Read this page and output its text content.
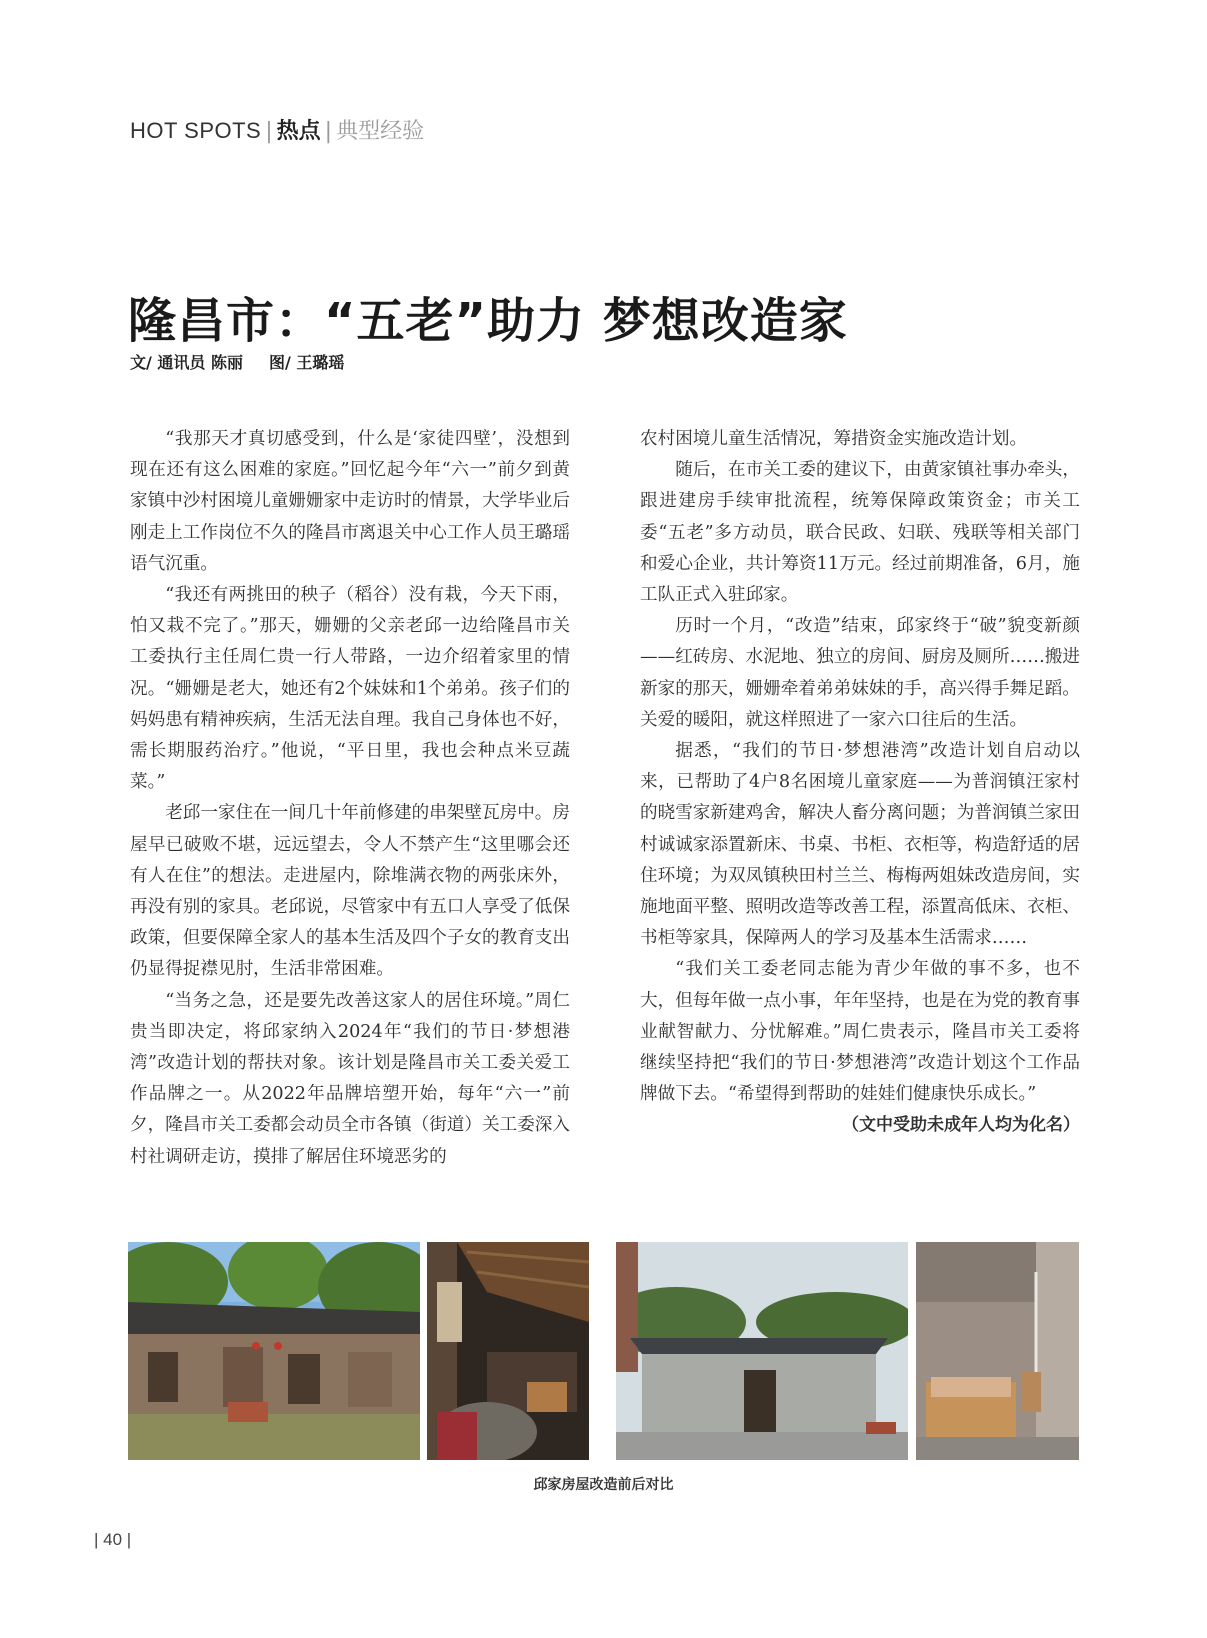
HOT SPOTS | 热点 | 典型经验
隆昌市：“五老”助力 梦想改造家
文/ 通讯员 陈丽 图/ 王璐瑶

“我那天才真切感受到，什么是‘家徒四壁’，没想到现在还有这么困难的家庭。”回忆起今年“六一”前夕到黄家镇中沙村困境儿童姗姗家中走访时的情景，大学毕业后刚走上工作岗位不久的隆昌市离退关中心工作人员王璐瑶语气沉重。

“我还有两挑田的秧子（稻谷）没有栽，今天下雨，怕又栽不完了。”那天，姗姗的父亲老邱一边给隆昌市关工委执行主任周仁贵一行人带路，一边介绍着家里的情况。“姗姗是老大，她还有2个妹妹和1个弟弟。孩子们的妈妈患有精神疾病，生活无法自理。我自己身体也不好，需长期服药治疗。”他说，“平日里，我也会种点米豆蔬菜。”

老邱一家住在一间几十年前修建的串架壁瓦房中。房屋早已破败不堪，远远望去，令人不禁产生“这里哪会还有人在住”的想法。走进屋内，除堆满衣物的两张床外，再没有别的家具。老邱说，尽管家中有五口人享受了低保政策，但要保障全家人的基本生活及四个子女的教育支出仍显得捉襟见肘，生活非常困难。

“当务之急，还是要先改善这家人的居住环境。”周仁贵当即决定，将邱家纳入2024年“我们的节日·梦想港湾”改造计划的帮扶对象。该计划是隆昌市关工委关爱工作品牌之一。从2022年品牌培塑开始，每年“六一”前夕，隆昌市关工委都会动员全市各镇（街道）关工委深入村社调研走访，摸排了解居住环境恶劣的

农村困境儿童生活情况，筹措资金实施改造计划。

随后，在市关工委的建议下，由黄家镇社事办牵头，跟进建房手续审批流程，统筹保障政策资金；市关工委“五老”多方动员，联合民政、妇联、残联等相关部门和爱心企业，共计筹资11万元。经过前期准备，6月，施工队正式入驻邱家。

历时一个月，“改造”结束，邱家终于“破”貌变新颜——红砖房、水泥地、独立的房间、厨房及厕所……搬进新家的那天，姗姗牵着弟弟妹妹的手，高兴得手舞足蹈。关爱的暖阳，就这样照进了一家六口往后的生活。

据悉，“我们的节日·梦想港湾”改造计划自启动以来，已帮助了4户8名困境儿童家庭——为普润镇汪家村的晓雪家新建鸡舍，解决人畜分离问题；为普润镇兰家田村诚诚家添置新床、书桌、书柜、衣柜等，构造舒适的居住环境；为双凤镇秧田村兰兰、梅梅两姐妹改造房间，实施地面平整、照明改造等改善工程，添置高低床、衣柜、书柜等家具，保障两人的学习及基本生活需求……

“我们关工委老同志能为青少年做的事不多，也不大，但每年做一点小事，年年坚持，也是在为党的教育事业献智献力、分忧解难。”周仁贵表示，隆昌市关工委将继续坚持把“我们的节日·梦想港湾”改造计划这个工作品牌做下去。“希望得到帮助的娃娃们健康快乐成长。”
（文中受助未成年人均为化名）

邱家房屋改造前后对比
| 40 |
